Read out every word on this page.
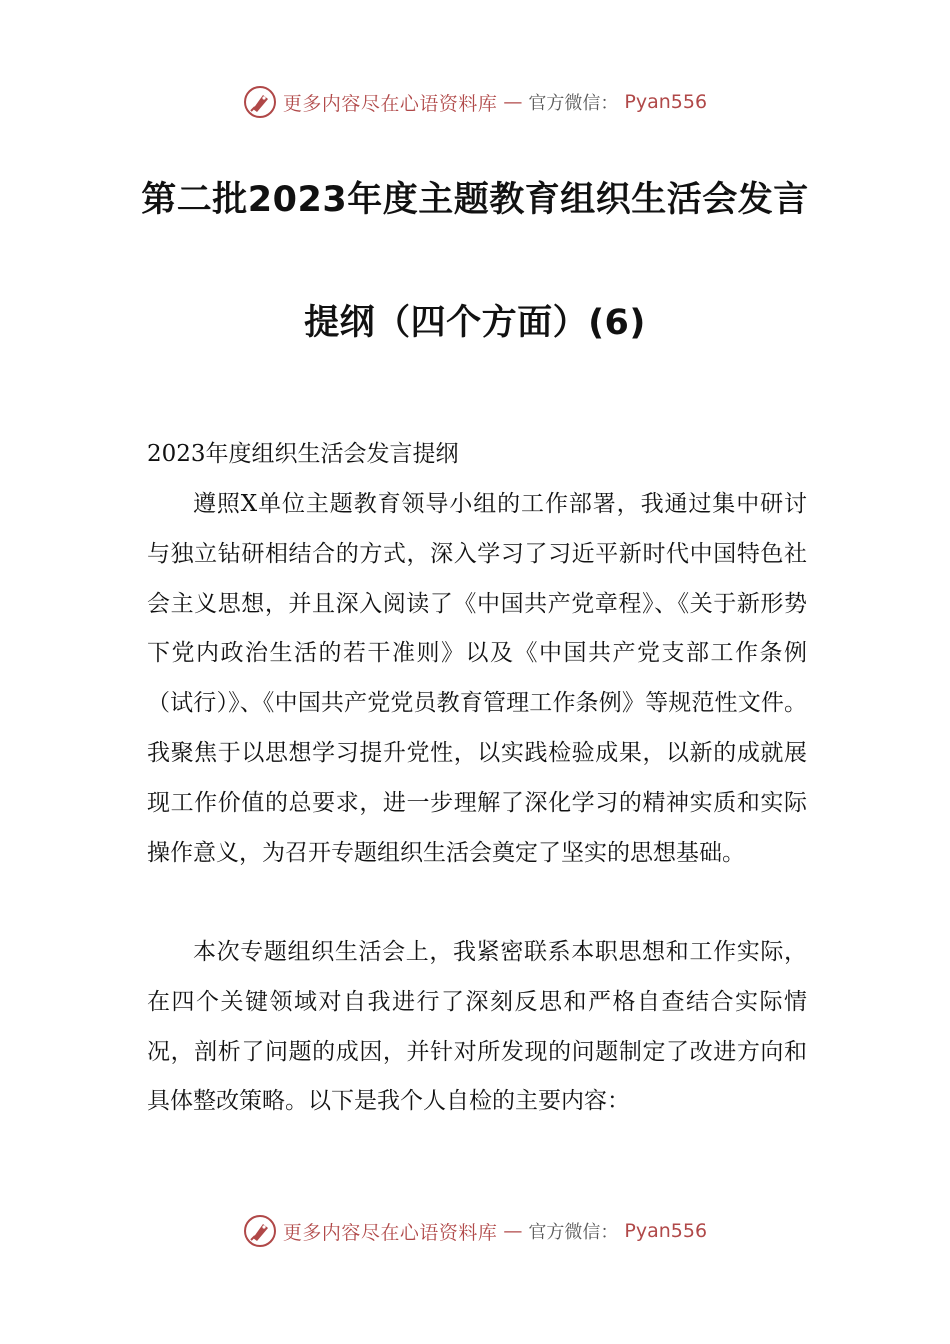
更多内容尽在心语资料库 — 官方微信： Pyan556
第二批2023年度主题教育组织生活会发言
提纲（四个方面）(6)

2023年度组织生活会发言提纲

遵照X单位主题教育领导小组的工作部署，我通过集中研讨与独立钻研相结合的方式，深入学习了习近平新时代中国特色社会主义思想，并且深入阅读了《中国共产党章程》、《关于新形势下党内政治生活的若干准则》以及《中国共产党支部工作条例（试行）》、《中国共产党党员教育管理工作条例》等规范性文件。我聚焦于以思想学习提升党性，以实践检验成果，以新的成就展现工作价值的总要求，进一步理解了深化学习的精神实质和实际操作意义，为召开专题组织生活会奠定了坚实的思想基础。

本次专题组织生活会上，我紧密联系本职思想和工作实际，在四个关键领域对自我进行了深刻反思和严格自查结合实际情况，剖析了问题的成因，并针对所发现的问题制定了改进方向和具体整改策略。以下是我个人自检的主要内容：

更多内容尽在心语资料库 — 官方微信： Pyan556
